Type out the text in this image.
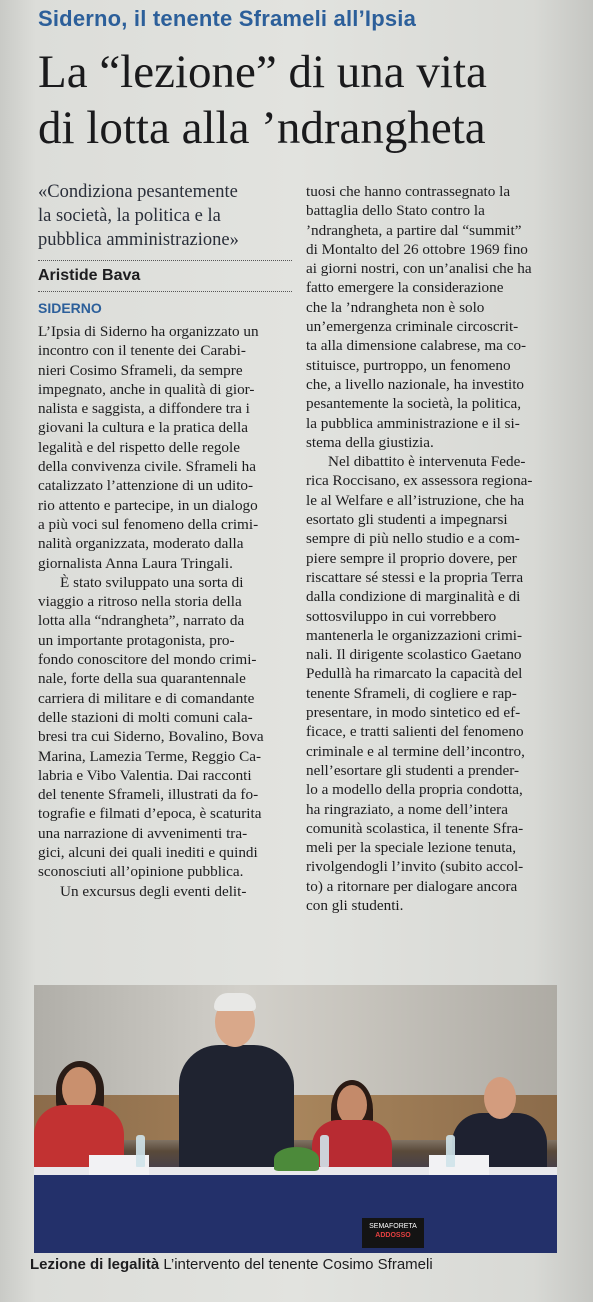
Siderno, il tenente Sframeli all’Ipsia
La “lezione” di una vita
di lotta alla ’ndrangheta
«Condiziona pesantemente
la società, la politica e la
pubblica amministrazione»
Aristide Bava
SIDERNO
L’Ipsia di Siderno ha organizzato un
incontro con il tenente dei Carabi-
nieri Cosimo Sframeli, da sempre
impegnato, anche in qualità di gior-
nalista e saggista, a diffondere tra i
giovani la cultura e la pratica della
legalità e del rispetto delle regole
della convivenza civile. Sframeli ha
catalizzato l’attenzione di un udito-
rio attento e partecipe, in un dialogo
a più voci sul fenomeno della crimi-
nalità organizzata, moderato dalla
giornalista Anna Laura Tringali.
È stato sviluppato una sorta di
viaggio a ritroso nella storia della
lotta alla “ndrangheta”, narrato da
un importante protagonista, pro-
fondo conoscitore del mondo crimi-
nale, forte della sua quarantennale
carriera di militare e di comandante
delle stazioni di molti comuni cala-
bresi tra cui Siderno, Bovalino, Bova
Marina, Lamezia Terme, Reggio Ca-
labria e Vibo Valentia. Dai racconti
del tenente Sframeli, illustrati da fo-
tografie e filmati d’epoca, è scaturita
una narrazione di avvenimenti tra-
gici, alcuni dei quali inediti e quindi
sconosciuti all’opinione pubblica.
Un excursus degli eventi delit-
tuosi che hanno contrassegnato la
battaglia dello Stato contro la
’ndrangheta, a partire dal “summit”
di Montalto del 26 ottobre 1969 fino
ai giorni nostri, con un’analisi che ha
fatto emergere la considerazione
che la ’ndrangheta non è solo
un’emergenza criminale circoscrit-
ta alla dimensione calabrese, ma co-
stituisce, purtroppo, un fenomeno
che, a livello nazionale, ha investito
pesantemente la società, la politica,
la pubblica amministrazione e il si-
stema della giustizia.
Nel dibattito è intervenuta Fede-
rica Roccisano, ex assessora regiona-
le al Welfare e all’istruzione, che ha
esortato gli studenti a impegnarsi
sempre di più nello studio e a com-
piere sempre il proprio dovere, per
riscattare sé stessi e la propria Terra
dalla condizione di marginalità e di
sottosviluppo in cui vorrebbero
mantenerla le organizzazioni crimi-
nali. Il dirigente scolastico Gaetano
Pedullà ha rimarcato la capacità del
tenente Sframeli, di cogliere e rap-
presentare, in modo sintetico ed ef-
ficace, e tratti salienti del fenomeno
criminale e al termine dell’incontro,
nell’esortare gli studenti a prender-
lo a modello della propria condotta,
ha ringraziato, a nome dell’intera
comunità scolastica, il tenente Sfra-
meli per la speciale lezione tenuta,
rivolgendogli l’invito (subito accol-
to) a ritornare per dialogare ancora
con gli studenti.
SEMAFORETA
ADDOSSO
Lezione di legalità L’intervento del tenente Cosimo Sframeli
